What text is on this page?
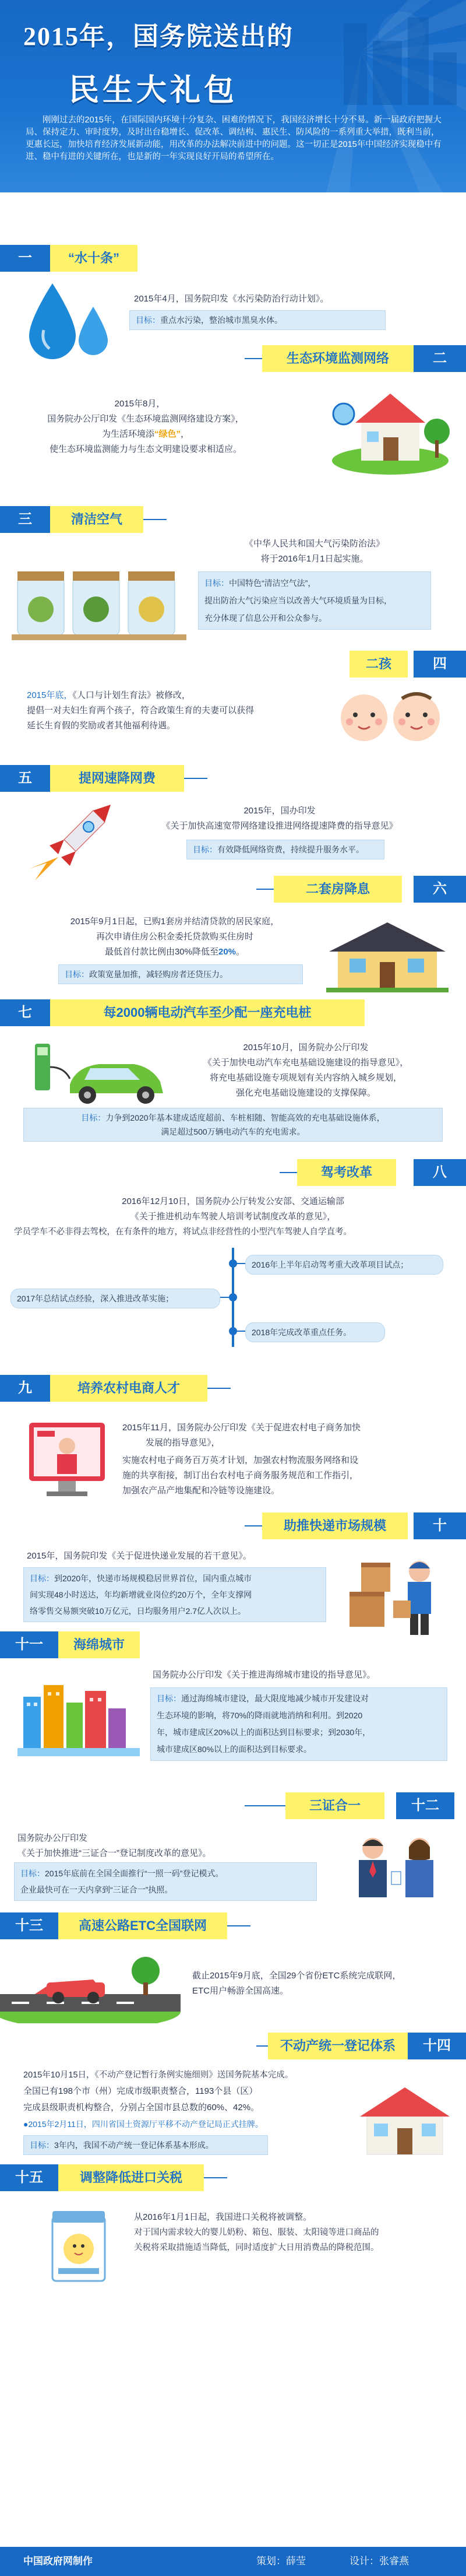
2015年，国务院送出的
民生大礼包
刚刚过去的2015年，在国际国内环境十分复杂、困难的情况下，我国经济增长十分不易。新一届政府把握大局、保持定力、审时度势，及时出台稳增长、促改革、调结构、惠民生、防风险的一系列重大举措，既利当前，更惠长远，加快培育经济发展新动能，用改革的办法解决前进中的问题。这一切正是2015年中国经济实现稳中有进、稳中有进的关键所在，也是新的一年实现良好开局的希望所在。
一	“水十条”
2015年4月，国务院印发《水污染防治行动计划》。
目标：重点水污染，整治城市黑臭水体。
生态环境监测网络	二
2015年8月，
国务院办公厅印发《生态环境监测网络建设方案》，
为生活环境添“绿色”，
使生态环境监测能力与生态文明建设要求相适应。
三	清洁空气
《中华人民共和国大气污染防治法》
将于2016年1月1日起实施。
目标：中国特色“清洁空气法”，
提出防治大气污染应当以改善大气环境质量为目标，
充分体现了信息公开和公众参与。
二孩	四
2015年底，《人口与计划生育法》被修改，
提倡一对夫妇生育两个孩子，符合政策生育的夫妻可以获得
延长生育假的奖励或者其他福利待遇。
五	提网速降网费
2015年，国办印发
《关于加快高速宽带网络建设推进网络提速降费的指导意见》
目标：有效降低网络资费，持续提升服务水平。
二套房降息	六
2015年9月1日起，已购1套房并结清贷款的居民家庭，
再次申请住房公积金委托贷款购买住房时
最低首付款比例由30%降低至20%。
目标：政策宽量加推，减轻购房者还贷压力。
七	每2000辆电动汽车至少配一座充电桩
2015年10月，国务院办公厅印发
《关于加快电动汽车充电基础设施建设的指导意见》，
将充电基础设施专项规划有关内容纳入城乡规划，
强化充电基础设施建设的支撑保障。
目标：力争到2020年基本建成适度超前、车桩相随、智能高效的充电基础设施体系，
满足超过500万辆电动汽车的充电需求。
驾考改革	八
2016年12月10日，国务院办公厅转发公安部、交通运输部
《关于推进机动车驾驶人培训考试制度改革的意见》，
学员学车不必非得去驾校，在有条件的地方，将试点非经营性的小型汽车驾驶人自学直考。
2016年上半年启动驾考重大改革项目试点；
2017年总结试点经验，深入推进改革实施；
2018年完成改革重点任务。
九	培养农村电商人才
2015年11月，国务院办公厅印发《关于促进农村电子商务加快
发展的指导意见》，
实施农村电子商务百万英才计划，加强农村物流服务网络和设
施的共享衔接，制订出台农村电子商务服务规范和工作指引，
加强农产品产地集配和冷链等设施建设。
助推快递市场规模	十
2015年，国务院印发《关于促进快递业发展的若干意见》。
目标：到2020年，快递市场规模稳居世界首位，国内重点城市
间实现48小时送达，年均新增就业岗位约20万个，全年支撑网
络零售交易额突破10万亿元，日均服务用户2.7亿人次以上。
十一	海绵城市
国务院办公厅印发《关于推进海绵城市建设的指导意见》。
目标：通过海绵城市建设，最大限度地减少城市开发建设对
生态环境的影响，将70%的降雨就地消纳和利用。到2020
年，城市建成区20%以上的面积达到目标要求；到2030年，
城市建成区80%以上的面积达到目标要求。
三证合一	十二
国务院办公厅印发
《关于加快推进“三证合一”登记制度改革的意见》。
目标：2015年底前在全国全面推行“一照一码”登记模式。
企业最快可在一天内拿到“三证合一”执照。
十三	高速公路ETC全国联网
截止2015年9月底，全国29个省份ETC系统完成联网，
ETC用户畅游全国高速。
不动产统一登记体系	十四
2015年10月15日，《不动产登记暂行条例实施细则》送国务院基本完成。
全国已有198个市（州）完成市级职责整合，1193个县（区）
完成县级职责机构整合，分别占全国市县总数的60%、42%。
●2015年2月11日，四川省国土资源厅平移不动产登记局正式挂牌。
目标：3年内，我国不动产统一登记体系基本形成。
十五	调整降低进口关税
从2016年1月1日起，我国进口关税将被调整。
对于国内需求较大的婴儿奶粉、箱包、服装、太阳镜等进口商品的
关税将采取措施适当降低，同时适度扩大日用消费品的降税范围。
中国政府网制作	策划：薛莹	设计：张睿燕
